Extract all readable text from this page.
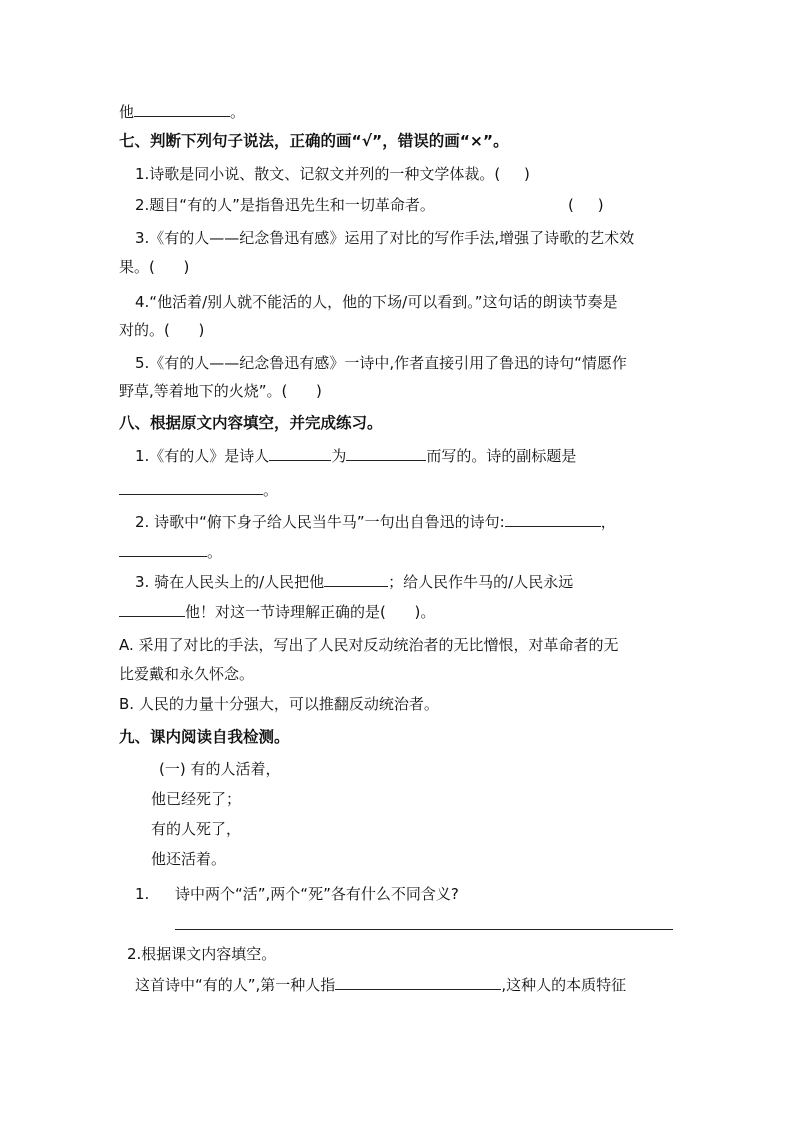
他	。
七、判断下列句子说法，正确的画“√”，错误的画“×”。
1.诗歌是同小说、散文、记叙文并列的一种文学体裁。(     )
2.题目“有的人”是指鲁迅先生和一切革命者。	(     )
3.《有的人——纪念鲁迅有感》运用了对比的写作手法,增强了诗歌的艺术效
果。(      )
4.“他活着/别人就不能活的人，他的下场/可以看到。”这句话的朗读节奏是
对的。(      )
5.《有的人——纪念鲁迅有感》一诗中,作者直接引用了鲁迅的诗句“情愿作
野草,等着地下的火烧”。(      )
八、根据原文内容填空，并完成练习。
1.《有的人》是诗人	为	而写的。诗的副标题是
。
2. 诗歌中“俯下身子给人民当牛马”一句出自鲁迅的诗句:	，
。
3. 骑在人民头上的/人民把他	；给人民作牛马的/人民永远
他！对这一节诗理解正确的是(      )。
A. 采用了对比的手法，写出了人民对反动统治者的无比憎恨，对革命者的无
比爱戴和永久怀念。
B. 人民的力量十分强大，可以推翻反动统治者。
九、课内阅读自我检测。
(一) 有的人活着，
他已经死了；
有的人死了，
他还活着。
1. 诗中两个“活”,两个“死”各有什么不同含义?
2.根据课文内容填空。
这首诗中“有的人”,第一种人指	,这种人的本质特征
